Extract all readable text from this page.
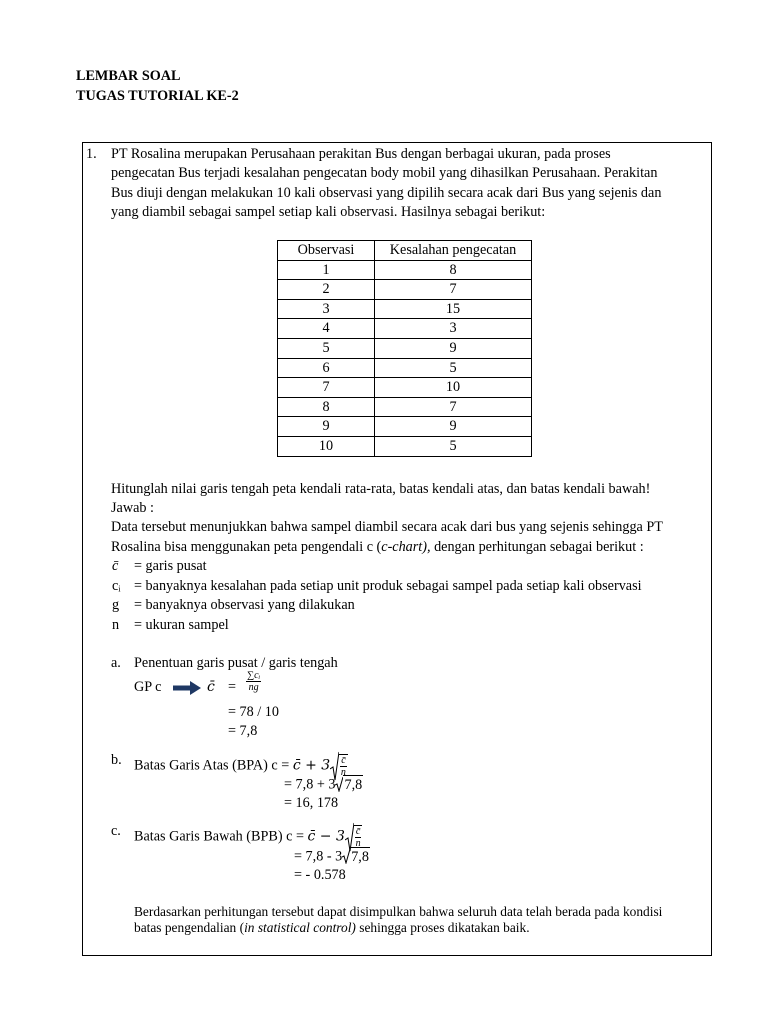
LEMBAR SOAL
TUGAS TUTORIAL KE-2
1. PT Rosalina merupakan Perusahaan perakitan Bus dengan berbagai ukuran, pada proses
pengecatan Bus terjadi kesalahan pengecatan body mobil yang dihasilkan Perusahaan. Perakitan
Bus diuji dengan melakukan 10 kali observasi yang dipilih secara acak dari Bus yang sejenis dan
yang diambil sebagai sampel setiap kali observasi. Hasilnya sebagai berikut:
Observasi	Kesalahan pengecatan
1	8
2	7
3	15
4	3
5	9
6	5
7	10
8	7
9	9
10	5
Hitunglah nilai garis tengah peta kendali rata-rata, batas kendali atas, dan batas kendali bawah!
Jawab :
Data tersebut menunjukkan bahwa sampel diambil secara acak dari bus yang sejenis sehingga PT
Rosalina bisa menggunakan peta pengendali c (c-chart), dengan perhitungan sebagai berikut :
c̄ = garis pusat
cᵢ = banyaknya kesalahan pada setiap unit produk sebagai sampel pada setiap kali observasi
g = banyaknya observasi yang dilakukan
n = ukuran sampel
a. Penentuan garis pusat / garis tengah
GP c	c̄ = $\frac{\text{∑cᵢ}}{ng}$
= 78 / 10
= 7,8
b. Batas Garis Atas (BPA) c = c̄ + $3 \frac{c̄}{n}$
= 7,8 + 3 7,8
= 16, 178
c. Batas Garis Bawah (BPB) c = c̄ − $3 \frac{c̄}{n}$
= 7,8 - 3 7,8
= - 0.578
Berdasarkan perhitungan tersebut dapat disimpulkan bahwa seluruh data telah berada pada kondisi
batas pengendalian (in statistical control) sehingga proses dikatakan baik.
